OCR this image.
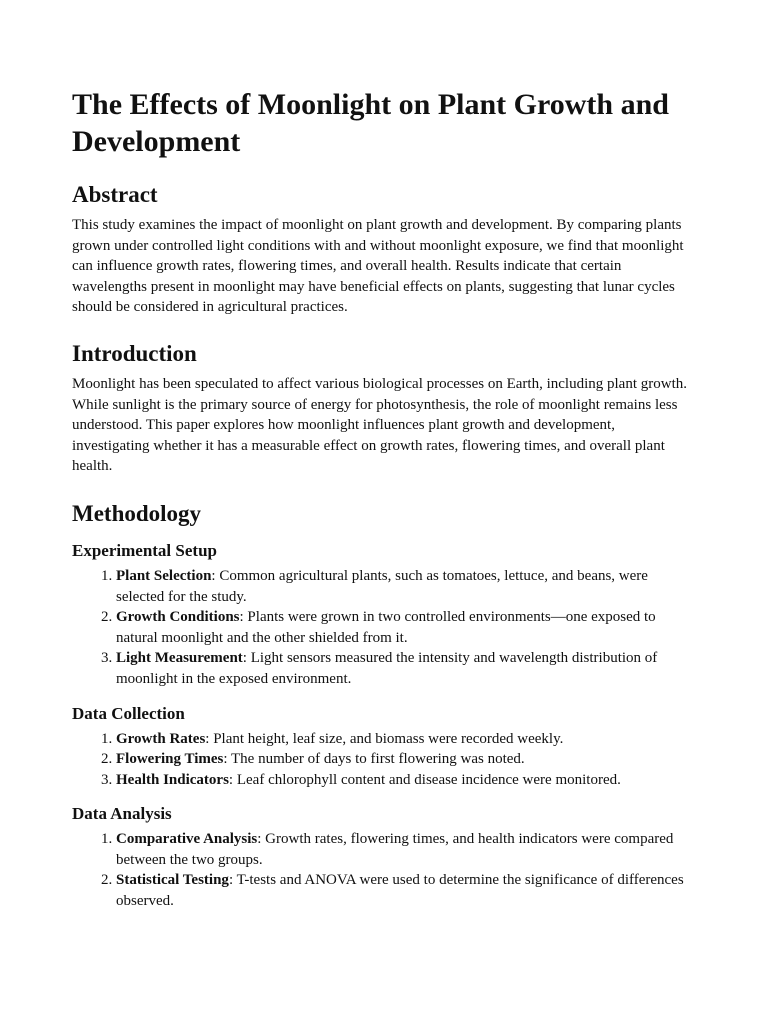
The Effects of Moonlight on Plant Growth and Development
Abstract

This study examines the impact of moonlight on plant growth and development. By comparing plants grown under controlled light conditions with and without moonlight exposure, we find that moonlight can influence growth rates, flowering times, and overall health. Results indicate that certain wavelengths present in moonlight may have beneficial effects on plants, suggesting that lunar cycles should be considered in agricultural practices.

Introduction

Moonlight has been speculated to affect various biological processes on Earth, including plant growth. While sunlight is the primary source of energy for photosynthesis, the role of moonlight remains less understood. This paper explores how moonlight influences plant growth and development, investigating whether it has a measurable effect on growth rates, flowering times, and overall plant health.

Methodology
Experimental Setup
1. Plant Selection: Common agricultural plants, such as tomatoes, lettuce, and beans, were selected for the study.
2. Growth Conditions: Plants were grown in two controlled environments—one exposed to natural moonlight and the other shielded from it.
3. Light Measurement: Light sensors measured the intensity and wavelength distribution of moonlight in the exposed environment.
Data Collection
1. Growth Rates: Plant height, leaf size, and biomass were recorded weekly.
2. Flowering Times: The number of days to first flowering was noted.
3. Health Indicators: Leaf chlorophyll content and disease incidence were monitored.
Data Analysis
1. Comparative Analysis: Growth rates, flowering times, and health indicators were compared between the two groups.
2. Statistical Testing: T-tests and ANOVA were used to determine the significance of differences observed.
